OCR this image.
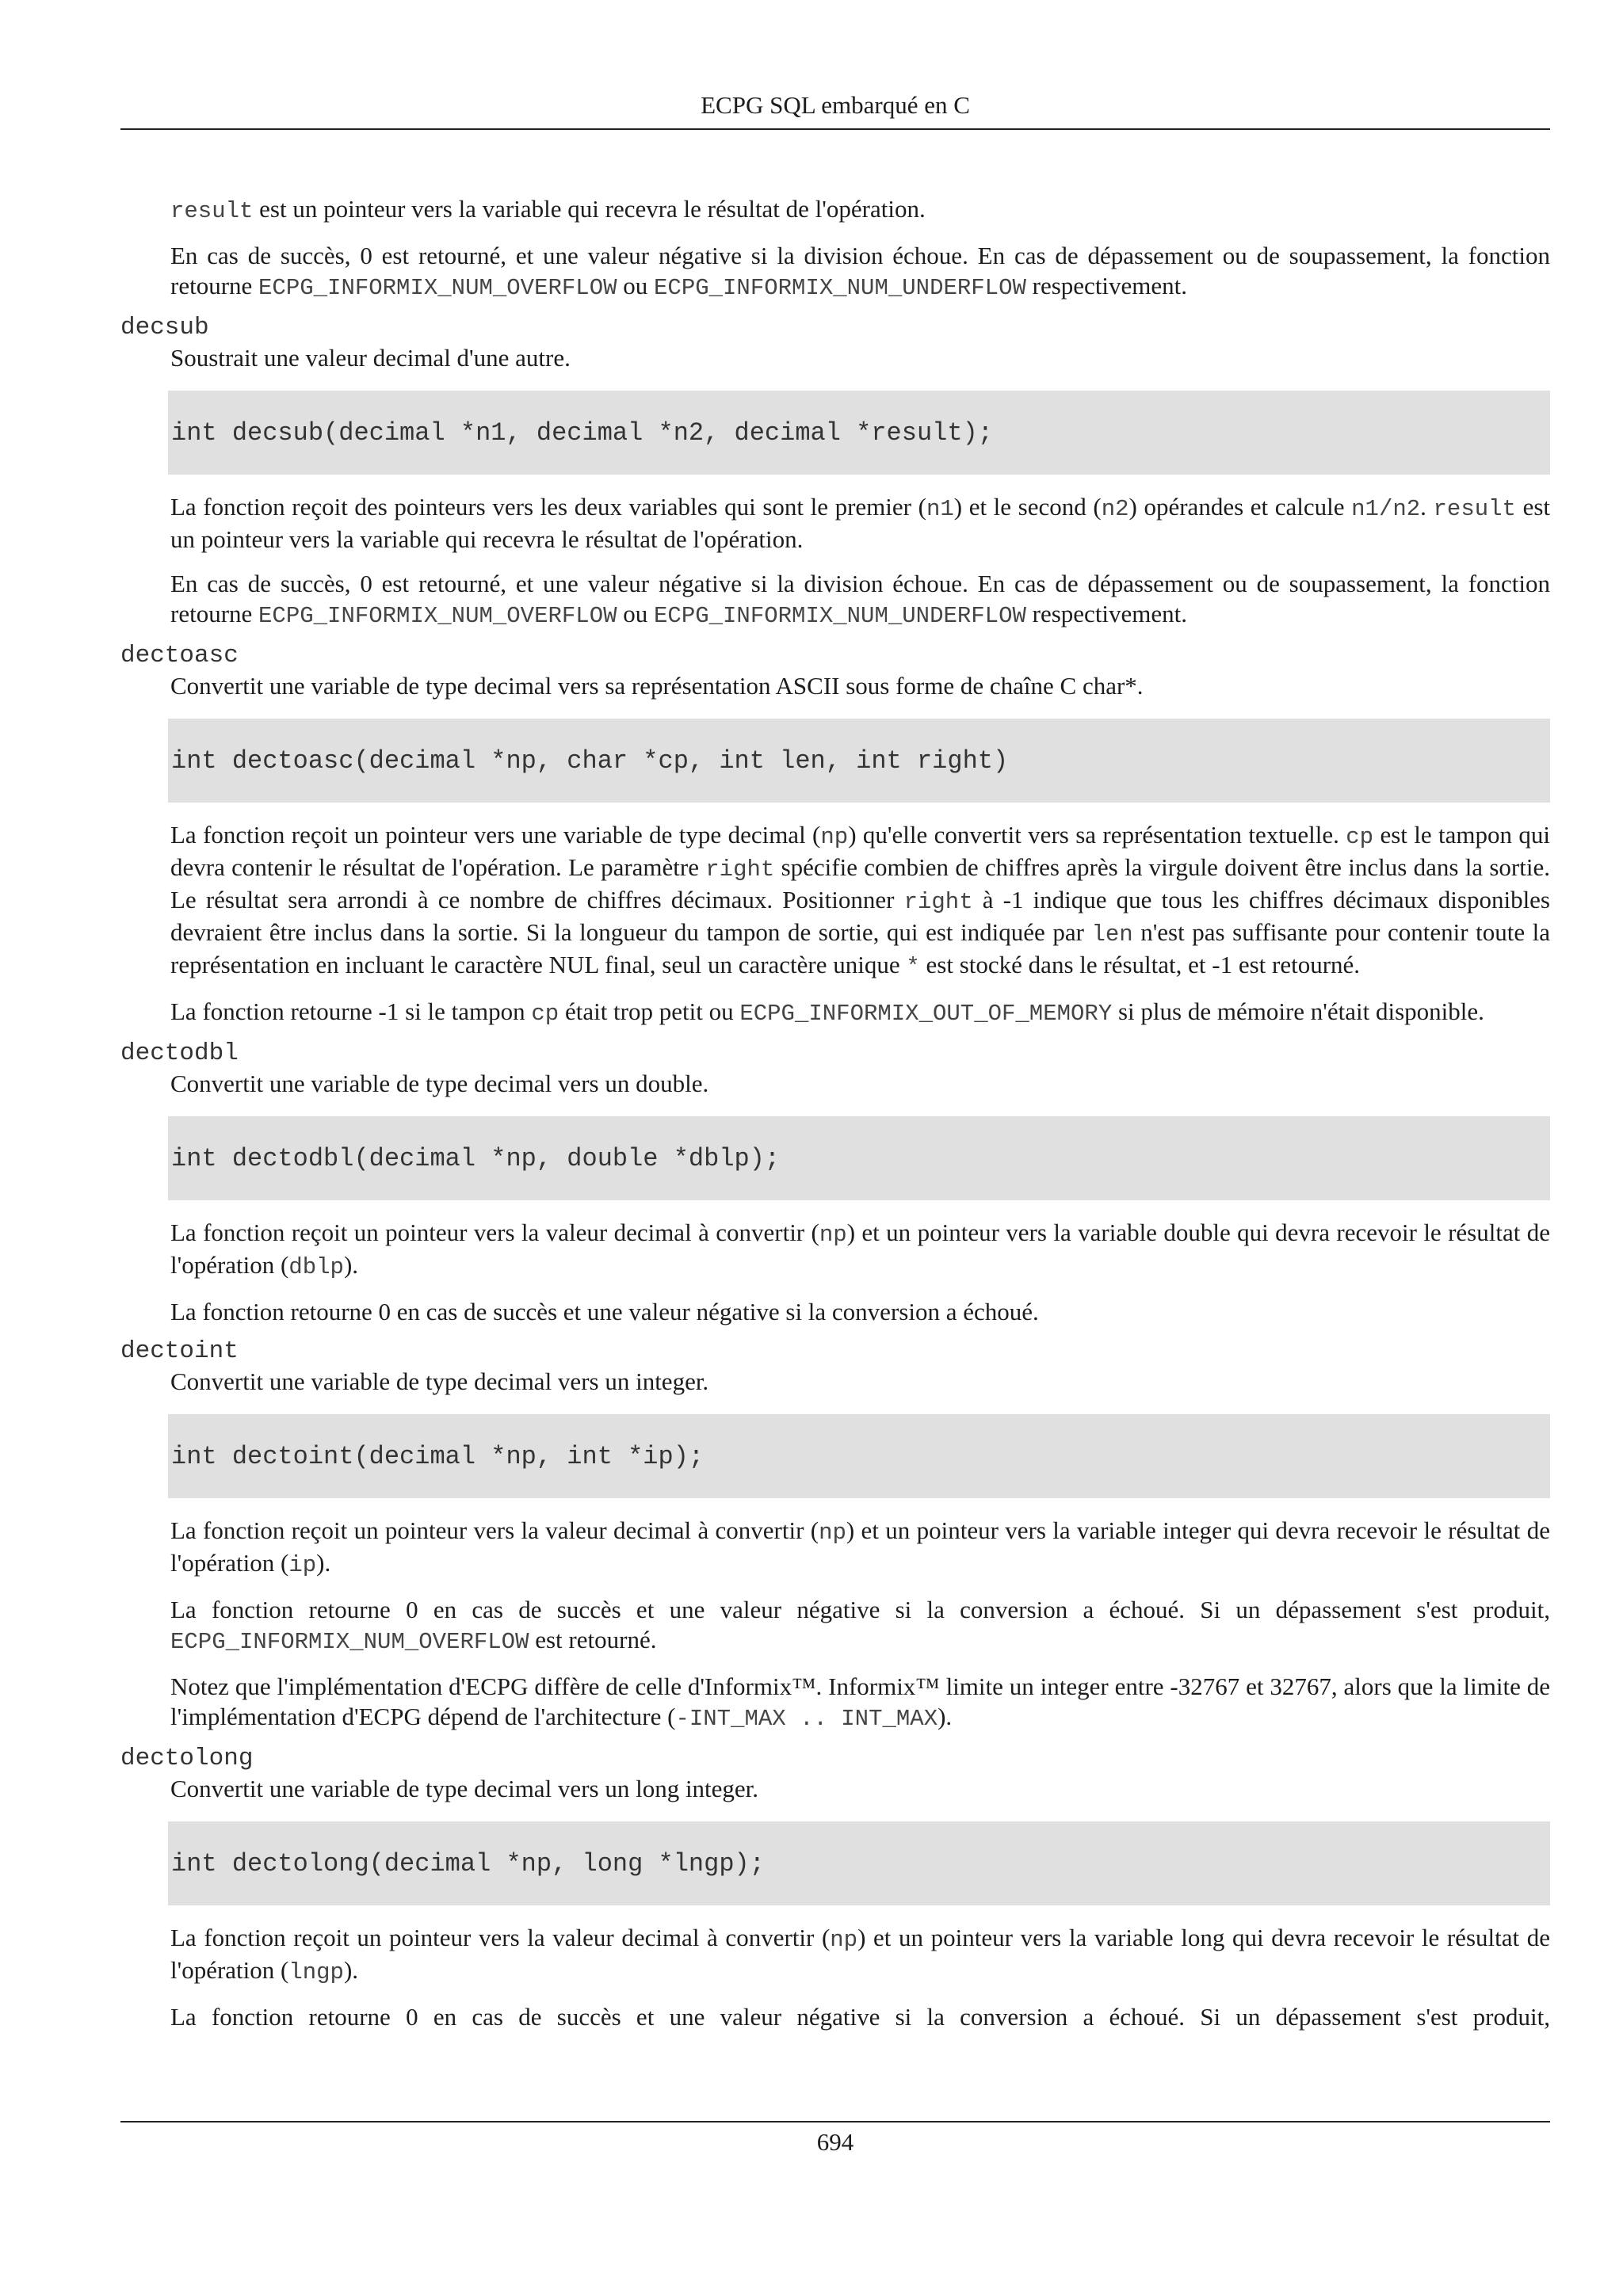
ECPG SQL embarqué en C

result est un pointeur vers la variable qui recevra le résultat de l'opération.

En cas de succès, 0 est retourné, et une valeur négative si la division échoue. En cas de dépassement ou de soupassement, la fonction retourne ECPG_INFORMIX_NUM_OVERFLOW ou ECPG_INFORMIX_NUM_UNDERFLOW respectivement.

decsub
Soustrait une valeur decimal d'une autre.
int decsub(decimal *n1, decimal *n2, decimal *result);

La fonction reçoit des pointeurs vers les deux variables qui sont le premier (n1) et le second (n2) opérandes et calcule n1/n2. result est un pointeur vers la variable qui recevra le résultat de l'opération.

En cas de succès, 0 est retourné, et une valeur négative si la division échoue. En cas de dépassement ou de soupassement, la fonction retourne ECPG_INFORMIX_NUM_OVERFLOW ou ECPG_INFORMIX_NUM_UNDERFLOW respectivement.

dectoasc
Convertit une variable de type decimal vers sa représentation ASCII sous forme de chaîne C char*.
int dectoasc(decimal *np, char *cp, int len, int right)

La fonction reçoit un pointeur vers une variable de type decimal (np) qu'elle convertit vers sa représentation textuelle. cp est le tampon qui devra contenir le résultat de l'opération. Le paramètre right spécifie combien de chiffres après la virgule doivent être inclus dans la sortie. Le résultat sera arrondi à ce nombre de chiffres décimaux. Positionner right à -1 indique que tous les chiffres décimaux disponibles devraient être inclus dans la sortie. Si la longueur du tampon de sortie, qui est indiquée par len n'est pas suffisante pour contenir toute la représentation en incluant le caractère NUL final, seul un caractère unique * est stocké dans le résultat, et -1 est retourné.

La fonction retourne -1 si le tampon cp était trop petit ou ECPG_INFORMIX_OUT_OF_MEMORY si plus de mémoire n'était disponible.

dectodbl
Convertit une variable de type decimal vers un double.
int dectodbl(decimal *np, double *dblp);

La fonction reçoit un pointeur vers la valeur decimal à convertir (np) et un pointeur vers la variable double qui devra recevoir le résultat de l'opération (dblp).

La fonction retourne 0 en cas de succès et une valeur négative si la conversion a échoué.

dectoint
Convertit une variable de type decimal vers un integer.
int dectoint(decimal *np, int *ip);

La fonction reçoit un pointeur vers la valeur decimal à convertir (np) et un pointeur vers la variable integer qui devra recevoir le résultat de l'opération (ip).

La fonction retourne 0 en cas de succès et une valeur négative si la conversion a échoué. Si un dépassement s'est produit, ECPG_INFORMIX_NUM_OVERFLOW est retourné.

Notez que l'implémentation d'ECPG diffère de celle d'Informix™. Informix™ limite un integer entre -32767 et 32767, alors que la limite de l'implémentation d'ECPG dépend de l'architecture (-INT_MAX .. INT_MAX).

dectolong
Convertit une variable de type decimal vers un long integer.
int dectolong(decimal *np, long *lngp);

La fonction reçoit un pointeur vers la valeur decimal à convertir (np) et un pointeur vers la variable long qui devra recevoir le résultat de l'opération (lngp).

La fonction retourne 0 en cas de succès et une valeur négative si la conversion a échoué. Si un dépassement s'est produit,

694
